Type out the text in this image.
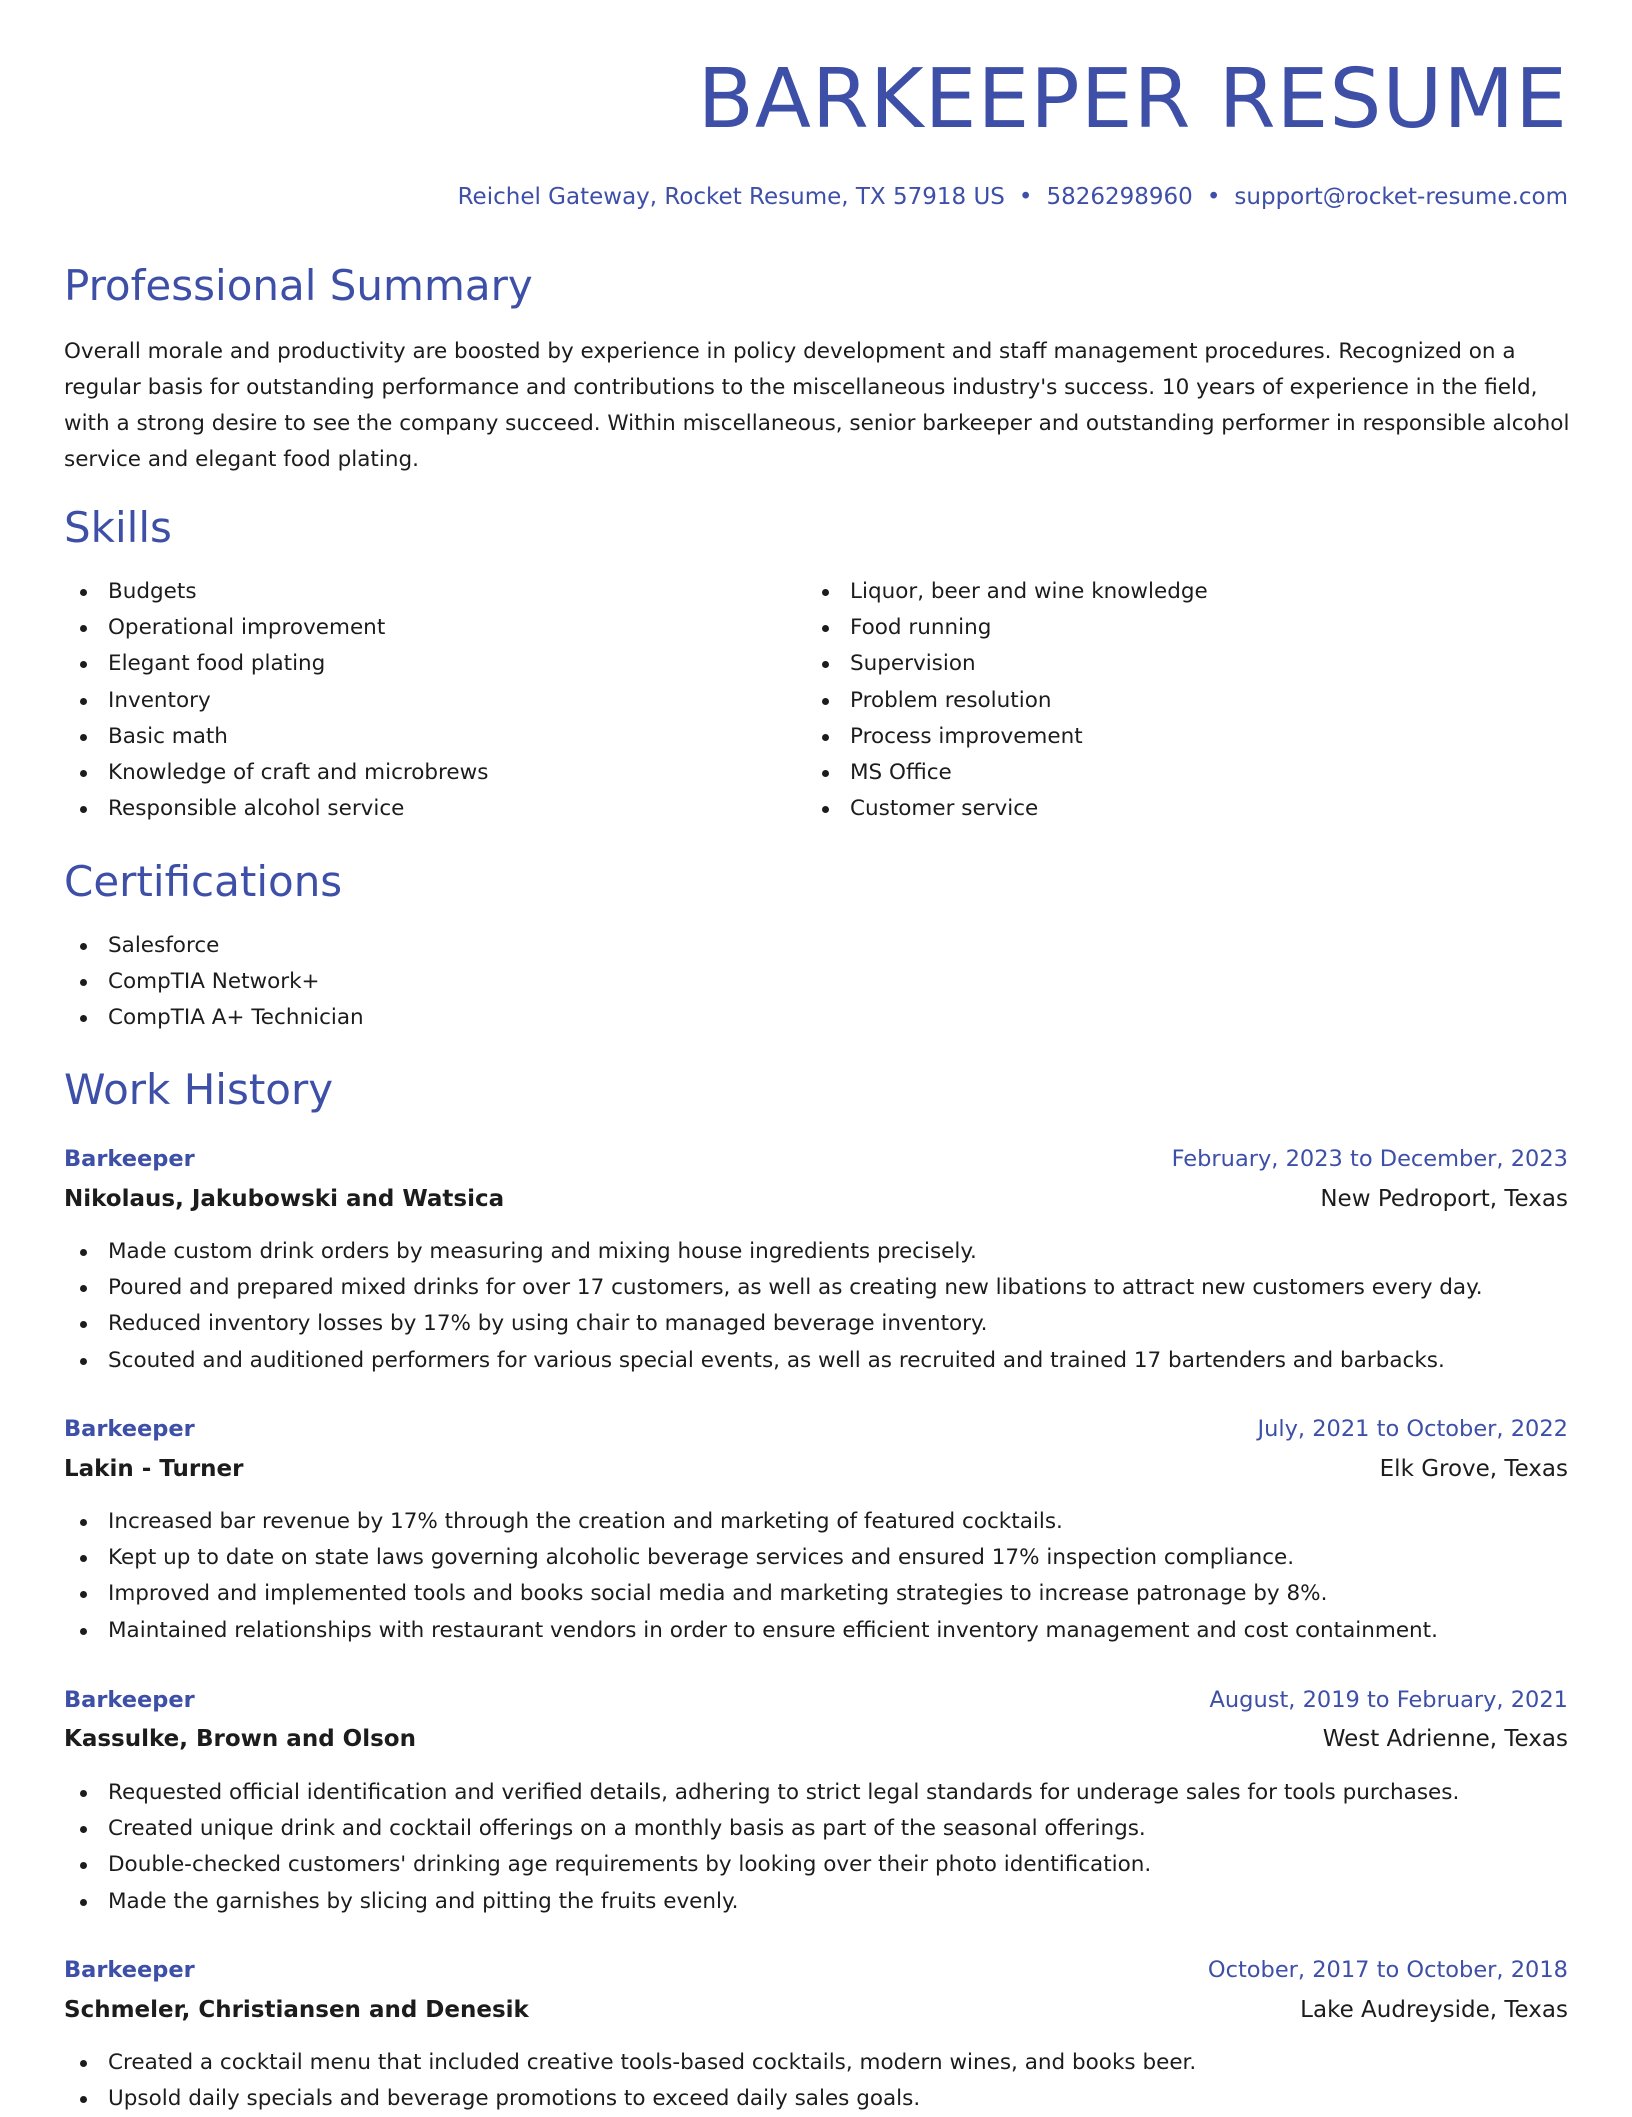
BARKEEPER RESUME
Reichel Gateway, Rocket Resume, TX 57918 US • 5826298960 • support@rocket-resume.com
Professional Summary

Overall morale and productivity are boosted by experience in policy development and staff management procedures. Recognized on a regular basis for outstanding performance and contributions to the miscellaneous industry's success. 10 years of experience in the field, with a strong desire to see the company succeed. Within miscellaneous, senior barkeeper and outstanding performer in responsible alcohol service and elegant food plating.

Skills
Budgets
Operational improvement
Elegant food plating
Inventory
Basic math
Knowledge of craft and microbrews
Responsible alcohol service
Liquor, beer and wine knowledge
Food running
Supervision
Problem resolution
Process improvement
MS Office
Customer service
Certifications
Salesforce
CompTIA Network+
CompTIA A+ Technician
Work History
Barkeeper	February, 2023 to December, 2023
Nikolaus, Jakubowski and Watsica	New Pedroport, Texas
Made custom drink orders by measuring and mixing house ingredients precisely.
Poured and prepared mixed drinks for over 17 customers, as well as creating new libations to attract new customers every day.
Reduced inventory losses by 17% by using chair to managed beverage inventory.
Scouted and auditioned performers for various special events, as well as recruited and trained 17 bartenders and barbacks.
Barkeeper	July, 2021 to October, 2022
Lakin - Turner	Elk Grove, Texas
Increased bar revenue by 17% through the creation and marketing of featured cocktails.
Kept up to date on state laws governing alcoholic beverage services and ensured 17% inspection compliance.
Improved and implemented tools and books social media and marketing strategies to increase patronage by 8%.
Maintained relationships with restaurant vendors in order to ensure efficient inventory management and cost containment.
Barkeeper	August, 2019 to February, 2021
Kassulke, Brown and Olson	West Adrienne, Texas
Requested official identification and verified details, adhering to strict legal standards for underage sales for tools purchases.
Created unique drink and cocktail offerings on a monthly basis as part of the seasonal offerings.
Double-checked customers' drinking age requirements by looking over their photo identification.
Made the garnishes by slicing and pitting the fruits evenly.
Barkeeper	October, 2017 to October, 2018
Schmeler, Christiansen and Denesik	Lake Audreyside, Texas
Created a cocktail menu that included creative tools-based cocktails, modern wines, and books beer.
Upsold daily specials and beverage promotions to exceed daily sales goals.
